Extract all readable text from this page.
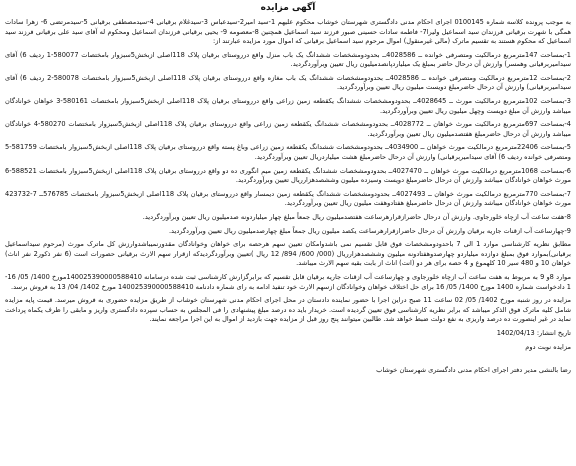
آگهی مزایده
به موجب پرونده کلاسه شماره 0100145 اجرای احکام مدنی دادگستری شهرستان خوشاب محکوم علیهم 1-سید امیر2-سیدعباس 3-سیدغلام برقیانی 4-سیدمصطفی برقیانی 5-سیدمرتضی 6- زهرا سادات همگی با شهرت برقیانی فرزندان سید اسماعیل ولیرا7- فاطمه سادات حسینی صبور فرزند سید اسماعیل همچنین 8-معصومه 9- یحیی برقیانی فرزندان اسماعیل ومحکوم له آقای سید علی برقیانی فرزند سید اسماعیل که محکوم هستند به تقسیم ماترک (مالی غیرمنقول) اموال مرحوم سید اسماعیل برقیانی که اموال مورد مزایده عبارتند از:
1-بمساحت 147مترمربع درمالکیت ومتصرفی خوانده ــ 4028586ــ بحدودومشخصات ششدانگ یک باب منزل واقع درروستای برقیان پلاک 118اصلی ازبخش5سبزوار بامختصات 580077-1 ردیف 6) آقای سیدامیربرقیانی وهمسر) وارزش آن درحال حاضر بمبلغ یک میلیاردپانصدمیلیون ریال تعیین وبرآوردگردید.
2-بمساحت 12مترمربع درمالکیت ومتصرفی خوانده ــ 4028586ــ بحدودومشخصات ششدانگ یک باب مغازه واقع درروستای برقیان پلاک 118اصلی ازبخش5سبزوار بامختصات 580078-2 ردیف 6) آقای سیدامیربرقیانی) وارزش آن درحال حاضرمبلغ دویست میلیون ریال تعیین وبرآوردگردید.
3-بمساحت 102مترمربع درمالکیت مورث ــ 4028645ــ بحدودومشخصات ششدانگ یکقطعه زمین زراعی واقع درروستای برقیان پلاک 118اصلی ازبخش5سبزوار بامختصات 580161-3 خواهان خوانادگان میباشد وارزش آن مبلغ دویست وچهل میلیون ریال تعیین وبرآوردگردید.
4-بمساحت 697مترمربع درمالکیت مورث خواهان ــ 4028772ــ بحدودومشخصات ششدانگ یکقطعه زمین زراعی واقع درروستای برقیان پلاک 118اصلی ازبخش5سبزوار بامختصات 580270-4 خوانادگان میباشد وارزش آن درحال حاضرمبلغ هفتصدمیلیون ریال تعیین وبرآوردگردید.
5-بمساحت 22406مترمربع درمالکیت مورث خواهان ــ 4034900ــ بحدودومشخصات ششدانگ یکقطعه زمین زراعی وباغ پسته واقع درروستای برقیان پلاک 118اصلی ازبخش5سبزوار بامختصات 581759-5 ومتصرفی خوانده ردیف 6) آقای سیدامیربرقیانی) وارزش آن درحال حاضرمبلغ هشت میلیاردریال تعیین وبرآوردگردید.
6-بمساحت 1068مترمربع درمالکیت مورث خواهان ــ 4027470ــ بحدودومشخصات ششدانگ یکقطعه زمین میم انگوری ده دو واقع درروستای برقیان پلاک 118اصلی ازبخش5سبزوار بامختصات 588521-6 مورث خواهان خوانادگان میباشد وارزش آن درحال حاضرمبلغ دویست وسیزده میلیون وششصدهزارریال تعیین وبرآوردگردید.
7-بمساحت 770مترمربع درمالکیت مورث خواهان ــ 4027493ــ بحدودومشخصات ششدانگ یکقطعه زمین دیمسار واقع درروستای برقیان پلاک 118اصلی ازبخش5سبزوار بامختصات 576785ــ 7-423732 مورث خواهان خوانادگان میباشد وارزش آن درحال حاضرمبلغ هفتادوهفت میلیون ریال تعیین وبرآوردگردید.
8-هفت ساعت آب ازچاه خلورجاوی. وارزش آن درحال حاضرازقرارهرساعت هفتصدمیلیون ریال جمعاً مبلغ چهار میلیاردونه صدمیلیون ریال تعیین وبرآوردگردید.
9-چهارساعت آب ازقنات جاریه برقیان وارزش آن درحال حاضرازقرارهرساعت یکصد میلیون ریال جمعاً مبلغ چهارصدمیلیون ریال تعیین وبرآوردگردید.
مطابق نظریه کارشناسی موارد 1 الی 7 باحدودومشخصات فوق قابل تقسیم نمی باشدوامکان تعیین سهم هرحصه برای خواهان وخوانادگان مقدورنمیباشدوارزش کل ماترک مورث (مرحوم سیداسماعیل برقیانی)بموارد فوق بمبلغ دوازده میلیاردو چهارصدوهفتادونه میلیون وششصدهزارریال (000/ 600/ 894/ 12 ریال )تعیین وبرآوردگردیدکه ازقرار سهم الارث برقیانی حصورات است (6 نفر ذکور2 نفر اناث) خواهان 10 و 480 سیر 10 کلهموع و 4 حصه برای هر دو (انت) اناث از بابت بقیه سهم الارث میباشد.
موارد 8و 9 به مربوط به هفت ساعت آب ازچاه خلورجاوی و چهارساعت آب ازقنات جاریه برقیان قابل تقسیم که برابرگزارش کارشناسی ثبت شده درسامانه 140025390000588410مورخ 1400/ 05/ 16-1 دادخواست شماره 1400 مورخ 1400/ 05/ 16 برای حل اختلاف خواهان وخوانادگان ازسهم الارث خود تنفیذ ادامه به رای شماره دادنامه 140025390000588410 مورخ 1402/ 04/ 13 به فروش برسد.
مزایده در روز شنبه مورخ 1402/ 05/ 02 ساعت 11 صبح دراین اجرا با حضور نماینده دادستان در محل اجرای احکام مدنی شهرستان خوشاب از طریق مزایده حضوری به فروش میرسد. قیمت پایه مزایده شامل کلیه ماترک فوق الذکر میباشد که برابر نظریه کارشناسی فوق تعیین گردیده است. خریدار باید ده درصد مبلغ پیشنهادی را فی المجلس به حساب سپرده دادگستری واریز و مابقی را ظرف یکماه پرداخت نماید در غیر اینصورت ده درصد واریزی به نفع دولت ضبط خواهد شد. طالبین میتوانند پنج روز قبل از مزایده جهت بازدید از اموال به این اجرا مراجعه نمایند.
تاریخ انتشار: 1402/04/13
مزایده نوبت دوم
رضا بالنشی مدیر دفتر اجرای احکام مدنی دادگستری شهرستان خوشاب
